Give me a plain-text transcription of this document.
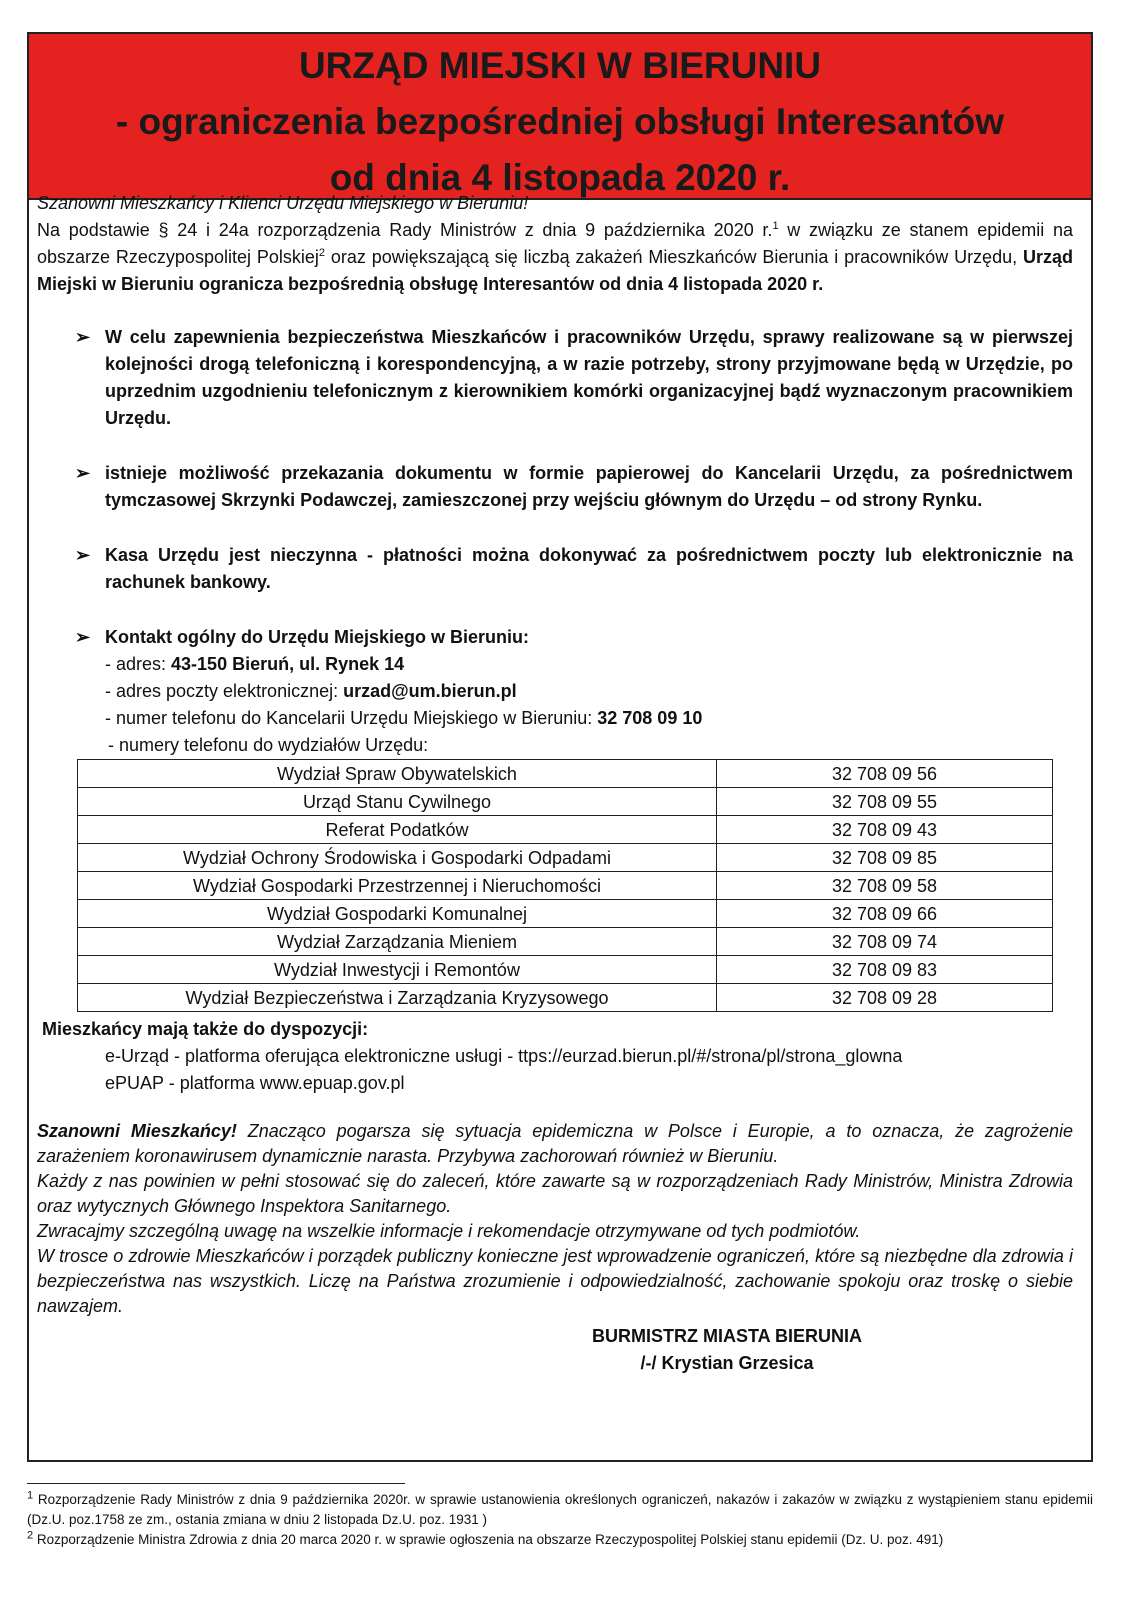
URZĄD MIEJSKI W BIERUNIU
- ograniczenia bezpośredniej obsługi Interesantów
od dnia 4 listopada 2020 r.
Szanowni Mieszkańcy i Klienci Urzędu Miejskiego w Bieruniu!
Na podstawie § 24 i 24a rozporządzenia Rady Ministrów z dnia 9 października 2020 r.$^1$ w związku ze stanem epidemii na obszarze Rzeczypospolitej Polskiej$^2$ oraz powiększającą się liczbą zakażeń Mieszkańców Bierunia i pracowników Urzędu, Urząd Miejski w Bieruniu ogranicza bezpośrednią obsługę Interesantów od dnia 4 listopada 2020 r.
➢ W celu zapewnienia bezpieczeństwa Mieszkańców i pracowników Urzędu, sprawy realizowane są w pierwszej kolejności drogą telefoniczną i korespondencyjną, a w razie potrzeby, strony przyjmowane będą w Urzędzie, po uprzednim uzgodnieniu telefonicznym z kierownikiem komórki organizacyjnej bądź wyznaczonym pracownikiem Urzędu.
➢ istnieje możliwość przekazania dokumentu w formie papierowej do Kancelarii Urzędu, za pośrednictwem tymczasowej Skrzynki Podawczej, zamieszczonej przy wejściu głównym do Urzędu – od strony Rynku.
➢ Kasa Urzędu jest nieczynna - płatności można dokonywać za pośrednictwem poczty lub elektronicznie na rachunek bankowy.
➢ Kontakt ogólny do Urzędu Miejskiego w Bieruniu:
- adres: 43-150 Bieruń, ul. Rynek 14
- adres poczty elektronicznej: urzad@um.bierun.pl
- numer telefonu do Kancelarii Urzędu Miejskiego w Bieruniu: 32 708 09 10
- numery telefonu do wydziałów Urzędu:
Wydział Spraw Obywatelskich	32 708 09 56
Urząd Stanu Cywilnego	32 708 09 55
Referat Podatków	32 708 09 43
Wydział Ochrony Środowiska i Gospodarki Odpadami	32 708 09 85
Wydział Gospodarki Przestrzennej i Nieruchomości	32 708 09 58
Wydział Gospodarki Komunalnej	32 708 09 66
Wydział Zarządzania Mieniem	32 708 09 74
Wydział Inwestycji i Remontów	32 708 09 83
Wydział Bezpieczeństwa i Zarządzania Kryzysowego	32 708 09 28
Mieszkańcy mają także do dyspozycji:
e-Urząd - platforma oferująca elektroniczne usługi - ttps://eurzad.bierun.pl/#/strona/pl/strona_glowna
ePUAP - platforma www.epuap.gov.pl
Szanowni Mieszkańcy! Znacząco pogarsza się sytuacja epidemiczna w Polsce i Europie, a to oznacza, że zagrożenie zarażeniem koronawirusem dynamicznie narasta. Przybywa zachorowań również w Bieruniu.
Każdy z nas powinien w pełni stosować się do zaleceń, które zawarte są w rozporządzeniach Rady Ministrów, Ministra Zdrowia oraz wytycznych Głównego Inspektora Sanitarnego.
Zwracajmy szczególną uwagę na wszelkie informacje i rekomendacje otrzymywane od tych podmiotów.
W trosce o zdrowie Mieszkańców i porządek publiczny konieczne jest wprowadzenie ograniczeń, które są niezbędne dla zdrowia i bezpieczeństwa nas wszystkich. Liczę na Państwa zrozumienie i odpowiedzialność, zachowanie spokoju oraz troskę o siebie nawzajem.
BURMISTRZ MIASTA BIERUNIA
/-/ Krystian Grzesica
$^1$ Rozporządzenie Rady Ministrów z dnia 9 października 2020r. w sprawie ustanowienia określonych ograniczeń, nakazów i zakazów w związku z wystąpieniem stanu epidemii (Dz.U. poz.1758 ze zm., ostania zmiana w dniu 2 listopada Dz.U. poz. 1931 )
$^2$ Rozporządzenie Ministra Zdrowia z dnia 20 marca 2020 r. w sprawie ogłoszenia na obszarze Rzeczypospolitej Polskiej stanu epidemii (Dz. U. poz. 491)
